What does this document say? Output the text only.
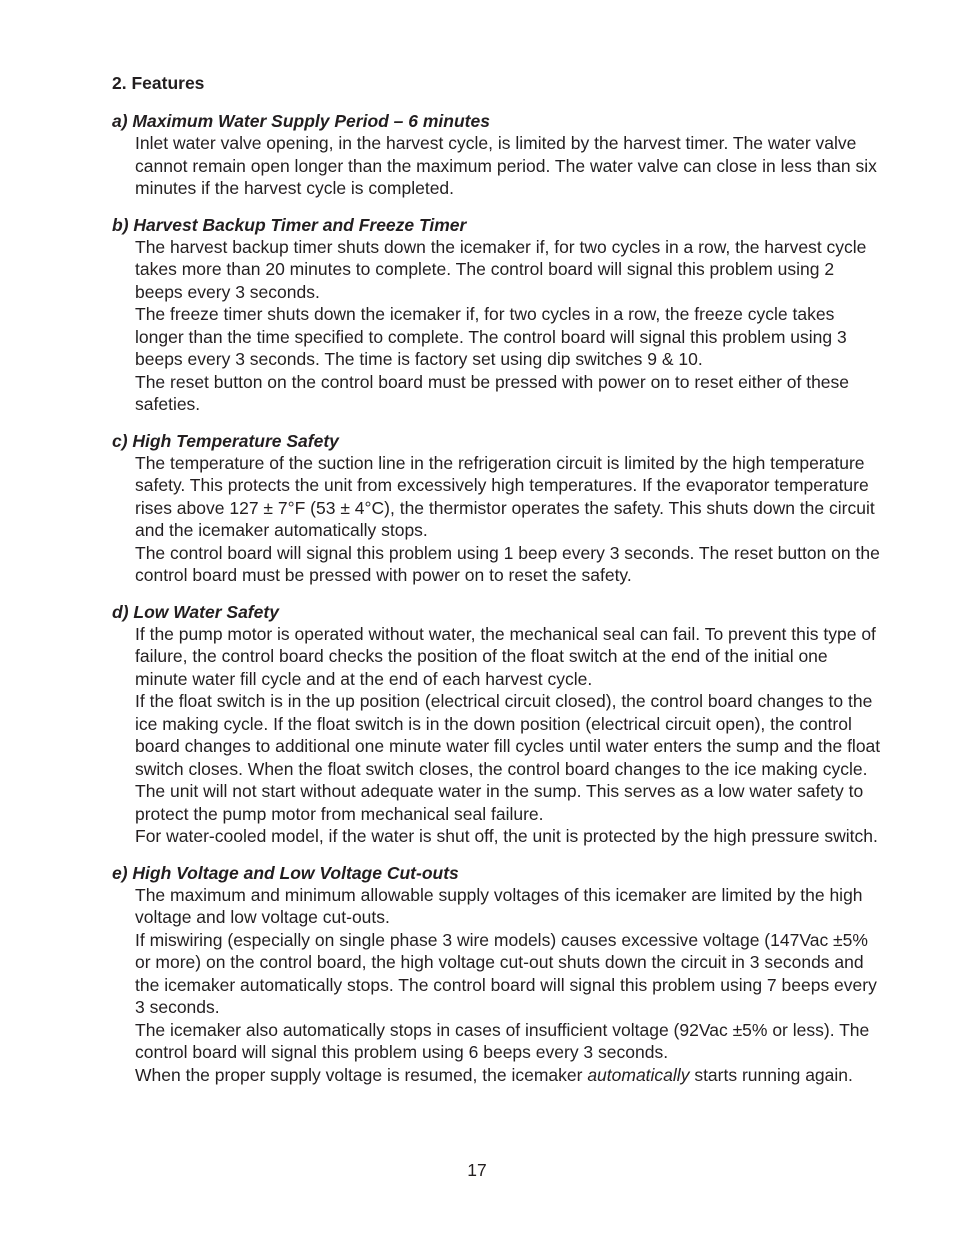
2. Features
a) Maximum Water Supply Period – 6 minutes
Inlet water valve opening, in the harvest cycle, is limited by the harvest timer. The water valve cannot remain open longer than the maximum period. The water valve can close in less than six minutes if the harvest cycle is completed.
b) Harvest Backup Timer and Freeze Timer
The harvest backup timer shuts down the icemaker if, for two cycles in a row, the harvest cycle takes more than 20 minutes to complete. The control board will signal this problem using 2 beeps every 3 seconds.
The freeze timer shuts down the icemaker if, for two cycles in a row, the freeze cycle takes longer than the time specified to complete. The control board will signal this problem using 3 beeps every 3 seconds. The time is factory set using dip switches 9 & 10.
The reset button on the control board must be pressed with power on to reset either of these safeties.
c) High Temperature Safety
The temperature of the suction line in the refrigeration circuit is limited by the high temperature safety. This protects the unit from excessively high temperatures. If the evaporator temperature rises above 127 ± 7°F (53 ± 4°C), the thermistor operates the safety. This shuts down the circuit and the icemaker automatically stops.
The control board will signal this problem using 1 beep every 3 seconds. The reset button on the control board must be pressed with power on to reset the safety.
d) Low Water Safety
If the pump motor is operated without water, the mechanical seal can fail. To prevent this type of failure, the control board checks the position of the float switch at the end of the initial one minute water fill cycle and at the end of each harvest cycle.
If the float switch is in the up position (electrical circuit closed), the control board changes to the ice making cycle. If the float switch is in the down position (electrical circuit open), the control board changes to additional one minute water fill cycles until water enters the sump and the float switch closes. When the float switch closes, the control board changes to the ice making cycle. The unit will not start without adequate water in the sump. This serves as a low water safety to protect the pump motor from mechanical seal failure.
For water-cooled model, if the water is shut off, the unit is protected by the high pressure switch.
e) High Voltage and Low Voltage Cut-outs
The maximum and minimum allowable supply voltages of this icemaker are limited by the high voltage and low voltage cut-outs.
If miswiring (especially on single phase 3 wire models) causes excessive voltage (147Vac ±5% or more) on the control board, the high voltage cut-out shuts down the circuit in 3 seconds and the icemaker automatically stops. The control board will signal this problem using 7 beeps every 3 seconds.
The icemaker also automatically stops in cases of insufficient voltage (92Vac ±5% or less). The control board will signal this problem using 6 beeps every 3 seconds.
When the proper supply voltage is resumed, the icemaker automatically starts running again.
17
